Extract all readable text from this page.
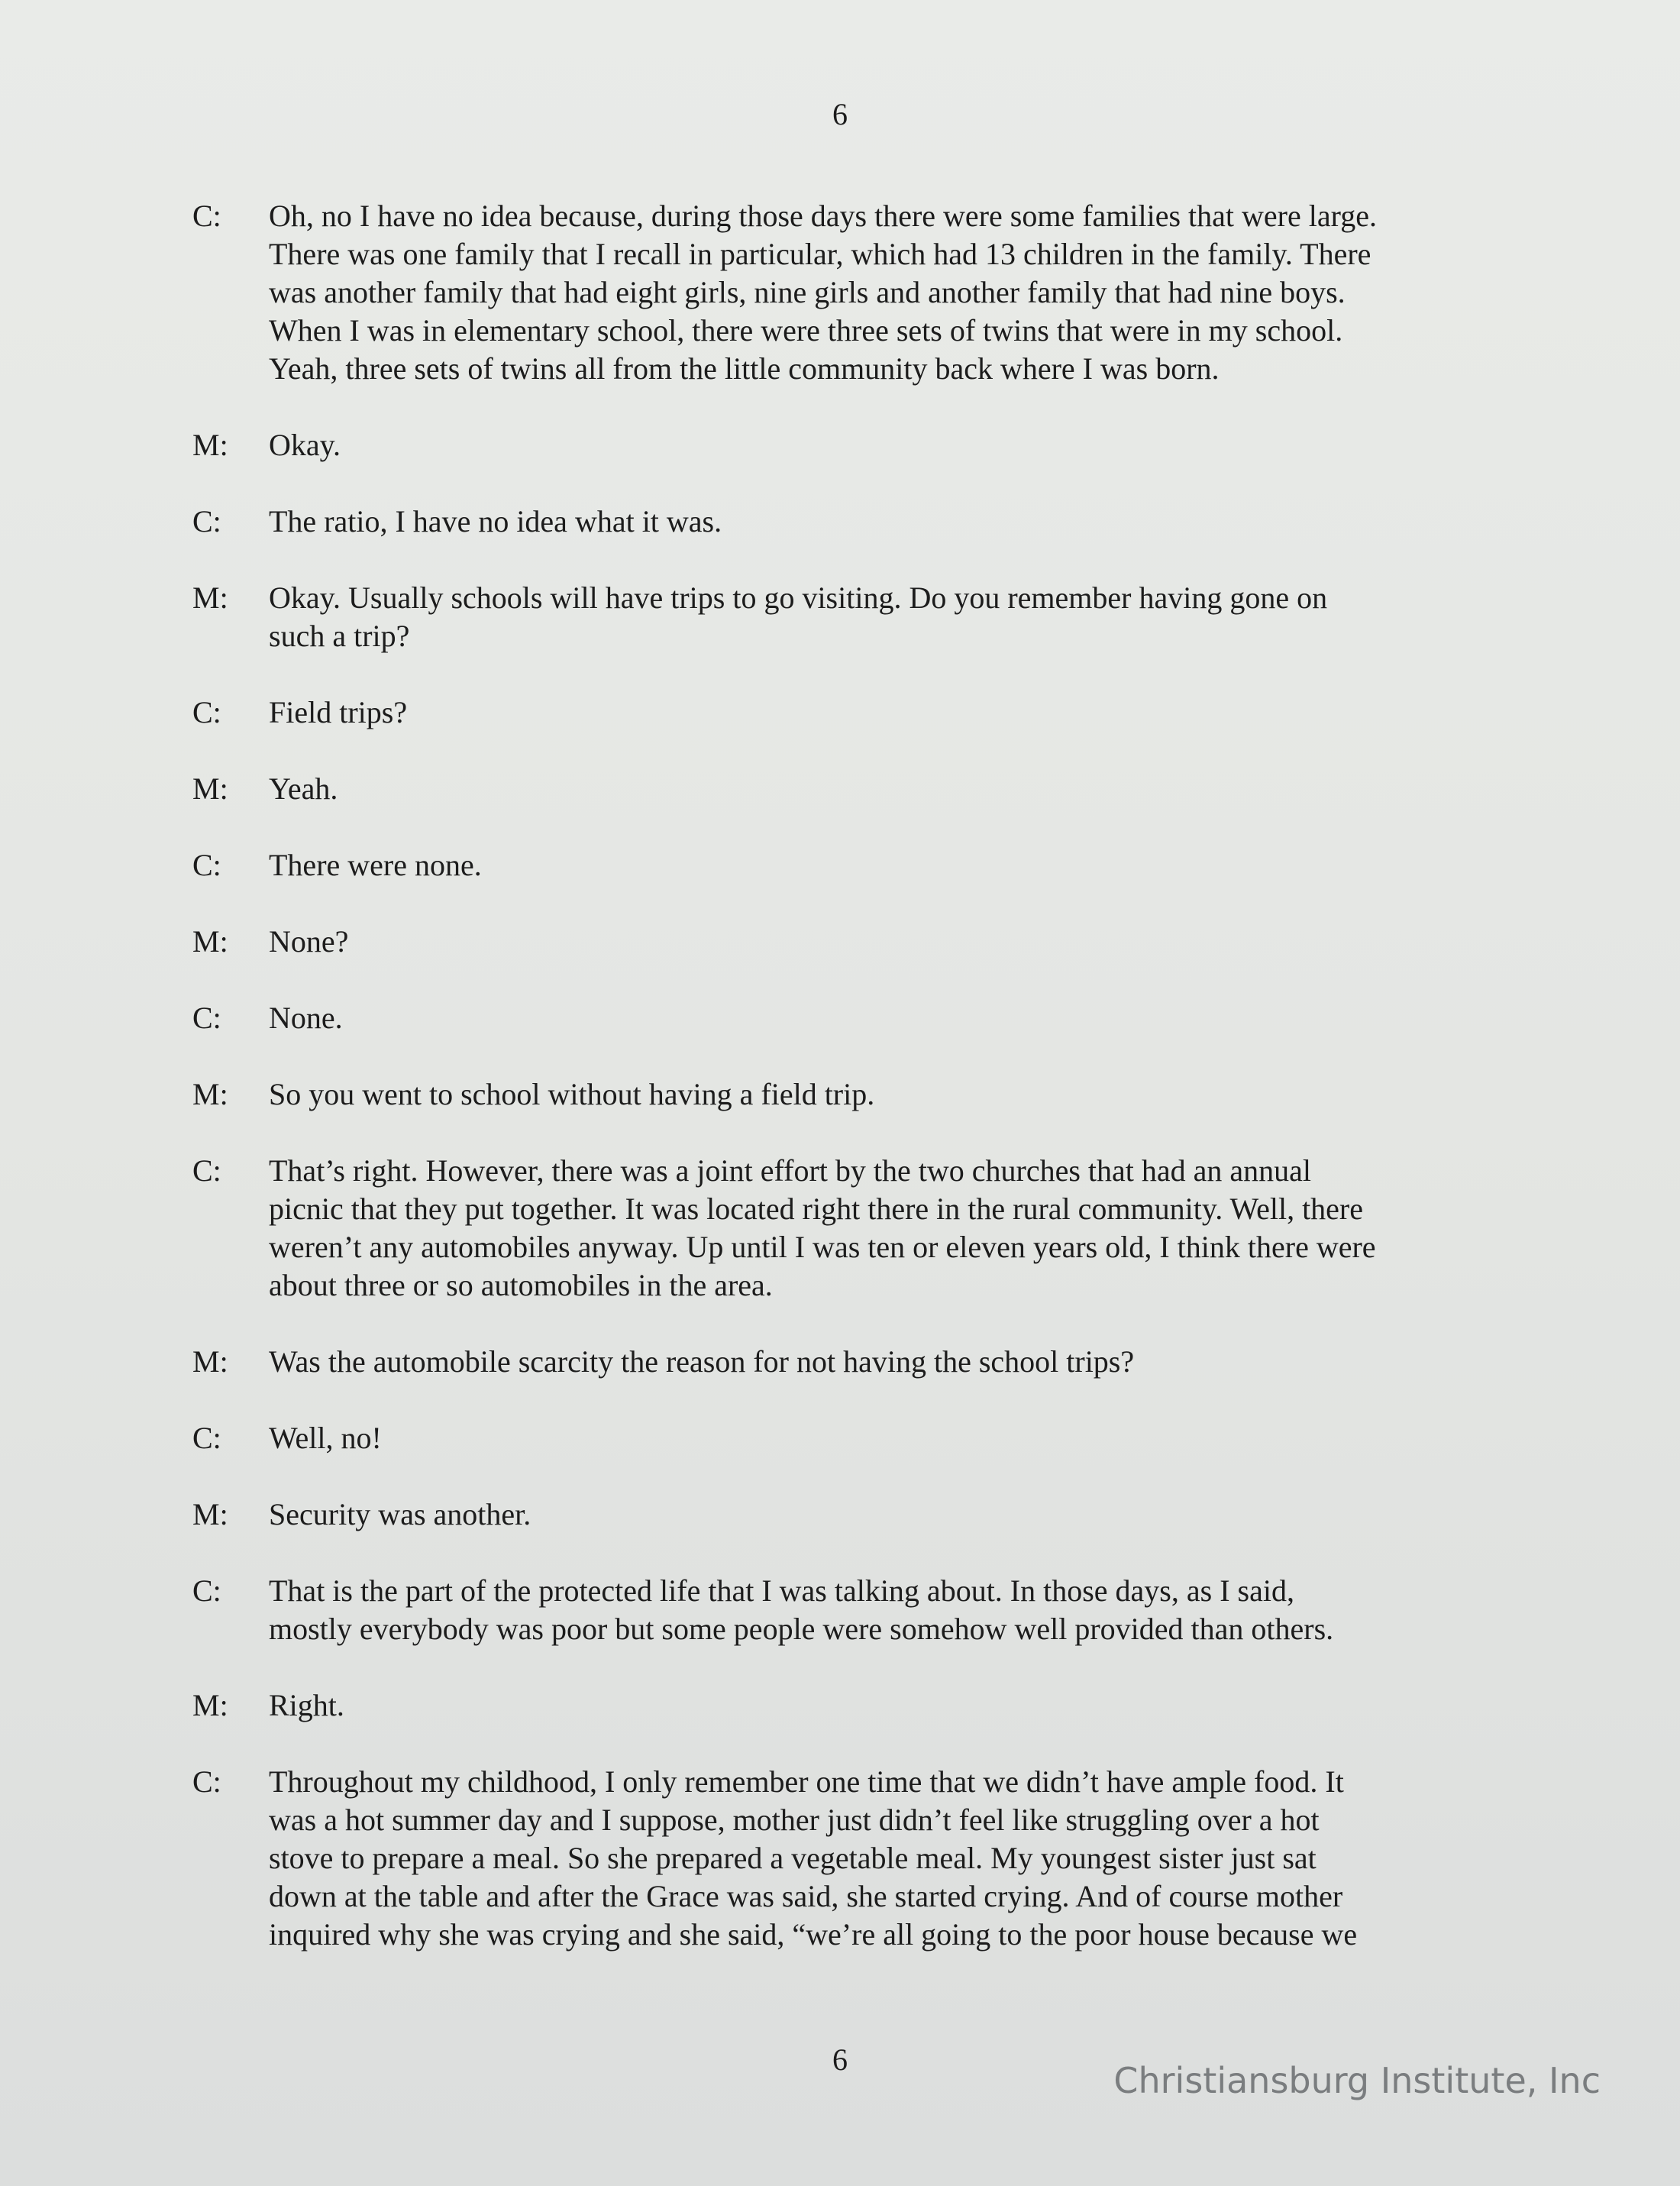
6
C:	Oh, no I have no idea because, during those days there were some families that were large.
There was one family that I recall in particular, which had 13 children in the family. There
was another family that had eight girls, nine girls and another family that had nine boys.
When I was in elementary school, there were three sets of twins that were in my school.
Yeah, three sets of twins all from the little community back where I was born.
M:	Okay.
C:	The ratio, I have no idea what it was.
M:	Okay. Usually schools will have trips to go visiting. Do you remember having gone on
such a trip?
C:	Field trips?
M:	Yeah.
C:	There were none.
M:	None?
C:	None.
M:	So you went to school without having a field trip.
C:	That’s right. However, there was a joint effort by the two churches that had an annual
picnic that they put together. It was located right there in the rural community. Well, there
weren’t any automobiles anyway. Up until I was ten or eleven years old, I think there were
about three or so automobiles in the area.
M:	Was the automobile scarcity the reason for not having the school trips?
C:	Well, no!
M:	Security was another.
C:	That is the part of the protected life that I was talking about. In those days, as I said,
mostly everybody was poor but some people were somehow well provided than others.
M:	Right.
C:	Throughout my childhood, I only remember one time that we didn’t have ample food. It
was a hot summer day and I suppose, mother just didn’t feel like struggling over a hot
stove to prepare a meal. So she prepared a vegetable meal. My youngest sister just sat
down at the table and after the Grace was said, she started crying. And of course mother
inquired why she was crying and she said, “we’re all going to the poor house because we
6
Christiansburg Institute, Inc
